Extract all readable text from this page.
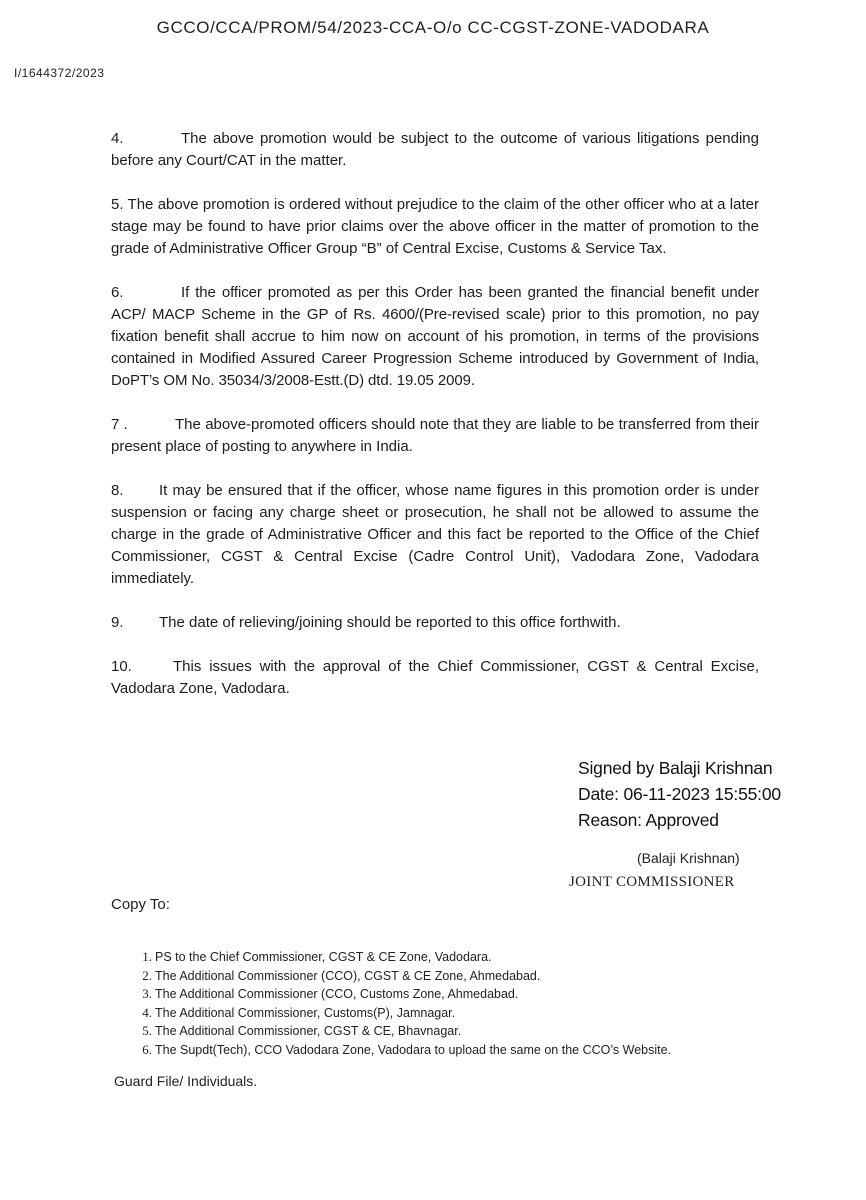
GCCO/CCA/PROM/54/2023-CCA-O/o CC-CGST-ZONE-VADODARA
I/1644372/2023

4.	The above promotion would be subject to the outcome of various litigations pending before any Court/CAT in the matter.

5. The above promotion is ordered without prejudice to the claim of the other officer who at a later stage may be found to have prior claims over the above officer in the matter of promotion to the grade of Administrative Officer Group “B” of Central Excise, Customs & Service Tax.

6.	If the officer promoted as per this Order has been granted the financial benefit under ACP/ MACP Scheme in the GP of Rs. 4600/(Pre-revised scale) prior to this promotion, no pay fixation benefit shall accrue to him now on account of his promotion, in terms of the provisions contained in Modified Assured Career Progression Scheme introduced by Government of India, DoPT’s OM No. 35034/3/2008-Estt.(D) dtd. 19.05 2009.

7 .	The above-promoted officers should note that they are liable to be transferred from their present place of posting to anywhere in India.

8. It may be ensured that if the officer, whose name figures in this promotion order is under suspension or facing any charge sheet or prosecution, he shall not be allowed to assume the charge in the grade of Administrative Officer and this fact be reported to the Office of the Chief Commissioner, CGST & Central Excise (Cadre Control Unit), Vadodara Zone, Vadodara immediately.

9. The date of relieving/joining should be reported to this office forthwith.

10.	This issues with the approval of the Chief Commissioner, CGST & Central Excise, Vadodara Zone, Vadodara.

Signed by Balaji Krishnan
Date: 06-11-2023 15:55:00
Reason: Approved
(Balaji Krishnan)
JOINT COMMISSIONER
Copy To:
1. PS to the Chief Commissioner, CGST & CE Zone, Vadodara.
2. The Additional Commissioner (CCO), CGST & CE Zone, Ahmedabad.
3. The Additional Commissioner (CCO, Customs Zone, Ahmedabad.
4. The Additional Commissioner, Customs(P), Jamnagar.
5. The Additional Commissioner, CGST & CE, Bhavnagar.
6. The Supdt(Tech), CCO Vadodara Zone, Vadodara to upload the same on the CCO’s Website.
Guard File/ Individuals.
